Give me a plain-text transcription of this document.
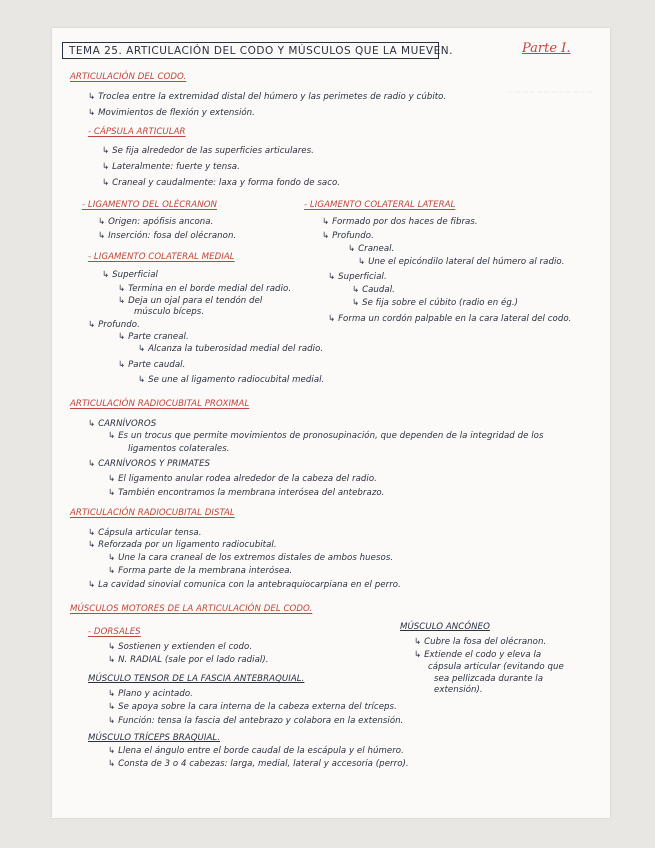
TEMA 25. ARTICULACIÓN DEL CODO Y MÚSCULOS QUE LA MUEVEN.	Parte I.
~~~~~~~~~~~~
ARTICULACIÓN DEL CODO.
↳ Troclea entre la extremidad distal del húmero y las perimetes de radio y cúbito.
↳ Movimientos de flexión y extensión.
- CÁPSULA ARTICULAR
↳ Se fija alrededor de las superficies articulares.
↳ Lateralmente: fuerte y tensa.
↳ Craneal y caudalmente: laxa y forma fondo de saco.
- LIGAMENTO DEL OLÉCRANON
↳ Origen: apófisis ancona.
↳ Inserción: fosa del olécranon.
- LIGAMENTO COLATERAL LATERAL
↳ Formado por dos haces de fibras.
↳ Profundo.
↳ Craneal.
↳ Une el epicóndilo lateral del húmero al radio.
↳ Superficial.
↳ Caudal.
↳ Se fija sobre el cúbito (radio en ég.)
↳ Forma un cordón palpable en la cara lateral del codo.
- LIGAMENTO COLATERAL MEDIAL
↳ Superficial
↳ Termina en el borde medial del radio.
↳ Deja un ojal para el tendón del
músculo bíceps.
↳ Profundo.
↳ Parte craneal.
↳ Alcanza la tuberosidad medial del radio.
↳ Parte caudal.
↳ Se une al ligamento radiocubital medial.
ARTICULACIÓN RADIOCUBITAL PROXIMAL
↳ CARNÍVOROS
↳ Es un trocus que permite movimientos de pronosupinación, que dependen de la integridad de los
ligamentos colaterales.
↳ CARNÍVOROS Y PRIMATES
↳ El ligamento anular rodea alrededor de la cabeza del radio.
↳ También encontramos la membrana interósea del antebrazo.
ARTICULACIÓN RADIOCUBITAL DISTAL
↳ Cápsula articular tensa.
↳ Reforzada por un ligamento radiocubital.
↳ Une la cara craneal de los extremos distales de ambos huesos.
↳ Forma parte de la membrana interósea.
↳ La cavidad sinovial comunica con la antebraquiocarpiana en el perro.
MÚSCULOS MOTORES DE LA ARTICULACIÓN DEL CODO.
- DORSALES
↳ Sostienen y extienden el codo.
↳ N. RADIAL (sale por el lado radial).
MÚSCULO TENSOR DE LA FASCIA ANTEBRAQUIAL.
↳ Plano y acintado.
↳ Se apoya sobre la cara interna de la cabeza externa del tríceps.
↳ Función: tensa la fascia del antebrazo y colabora en la extensión.
MÚSCULO TRÍCEPS BRAQUIAL.
↳ Llena el ángulo entre el borde caudal de la escápula y el húmero.
↳ Consta de 3 o 4 cabezas: larga, medial, lateral y accesoria (perro).
MÚSCULO ANCÓNEO
↳ Cubre la fosa del olécranon.
↳ Extiende el codo y eleva la
cápsula articular (evitando que
sea pellizcada durante la
extensión).
